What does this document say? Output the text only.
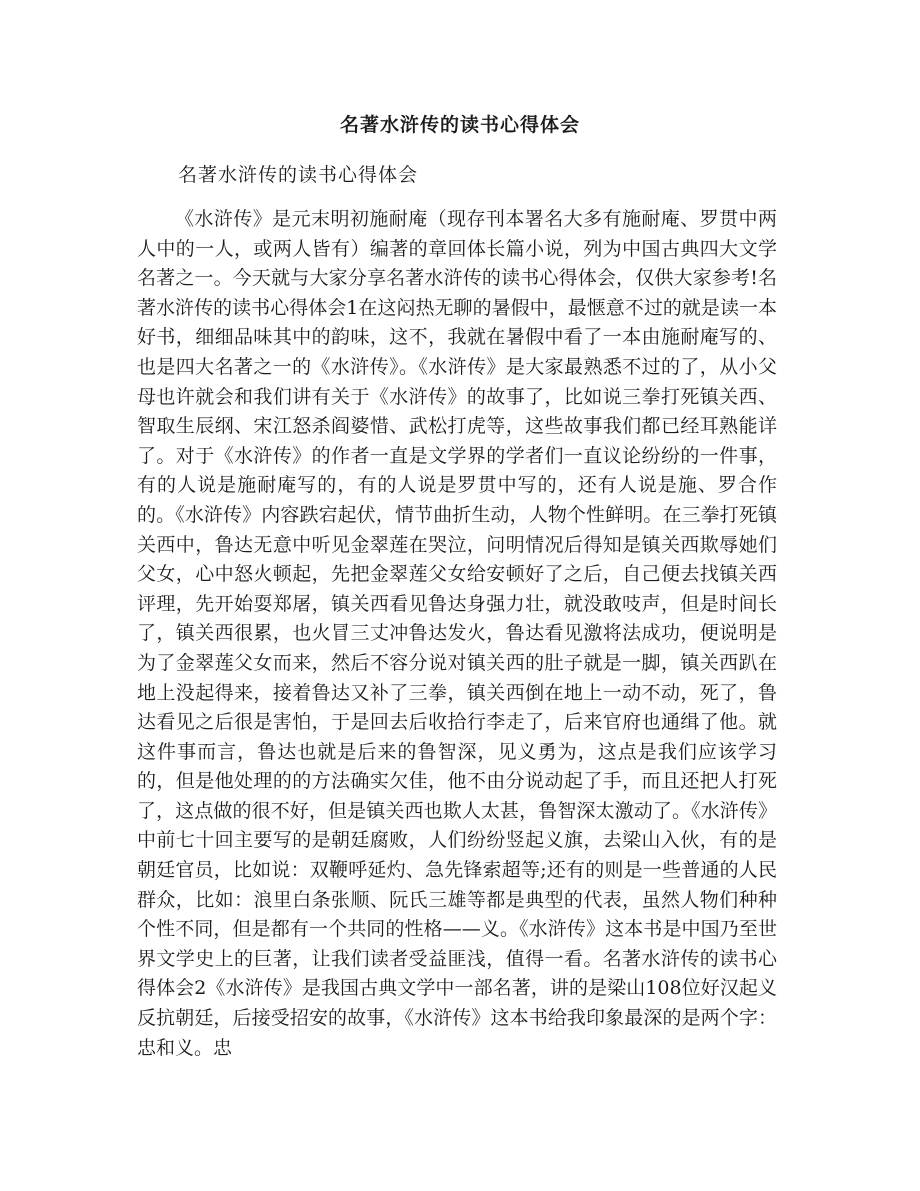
名著水浒传的读书心得体会

名著水浒传的读书心得体会

《水浒传》是元末明初施耐庵（现存刊本署名大多有施耐庵、罗贯中两人中的一人，或两人皆有）编著的章回体长篇小说，列为中国古典四大文学名著之一。今天就与大家分享名著水浒传的读书心得体会，仅供大家参考!名著水浒传的读书心得体会1在这闷热无聊的暑假中，最惬意不过的就是读一本好书，细细品味其中的韵味，这不，我就在暑假中看了一本由施耐庵写的、也是四大名著之一的《水浒传》。《水浒传》是大家最熟悉不过的了，从小父母也许就会和我们讲有关于《水浒传》的故事了，比如说三拳打死镇关西、智取生辰纲、宋江怒杀阎婆惜、武松打虎等，这些故事我们都已经耳熟能详了。对于《水浒传》的作者一直是文学界的学者们一直议论纷纷的一件事，有的人说是施耐庵写的，有的人说是罗贯中写的，还有人说是施、罗合作的。《水浒传》内容跌宕起伏，情节曲折生动，人物个性鲜明。在三拳打死镇关西中，鲁达无意中听见金翠莲在哭泣，问明情况后得知是镇关西欺辱她们父女，心中怒火顿起，先把金翠莲父女给安顿好了之后，自己便去找镇关西评理，先开始耍郑屠，镇关西看见鲁达身强力壮，就没敢吱声，但是时间长了，镇关西很累，也火冒三丈冲鲁达发火，鲁达看见激将法成功，便说明是为了金翠莲父女而来，然后不容分说对镇关西的肚子就是一脚，镇关西趴在地上没起得来，接着鲁达又补了三拳，镇关西倒在地上一动不动，死了，鲁达看见之后很是害怕，于是回去后收拾行李走了，后来官府也通缉了他。就这件事而言，鲁达也就是后来的鲁智深，见义勇为，这点是我们应该学习的，但是他处理的的方法确实欠佳，他不由分说动起了手，而且还把人打死了，这点做的很不好，但是镇关西也欺人太甚，鲁智深太激动了。《水浒传》中前七十回主要写的是朝廷腐败，人们纷纷竖起义旗，去梁山入伙，有的是朝廷官员，比如说：双鞭呼延灼、急先锋索超等;还有的则是一些普通的人民群众，比如：浪里白条张顺、阮氏三雄等都是典型的代表，虽然人物们种种个性不同，但是都有一个共同的性格——义。《水浒传》这本书是中国乃至世界文学史上的巨著，让我们读者受益匪浅，值得一看。名著水浒传的读书心得体会2《水浒传》是我国古典文学中一部名著，讲的是梁山108位好汉起义反抗朝廷，后接受招安的故事，《水浒传》这本书给我印象最深的是两个字：忠和义。忠
